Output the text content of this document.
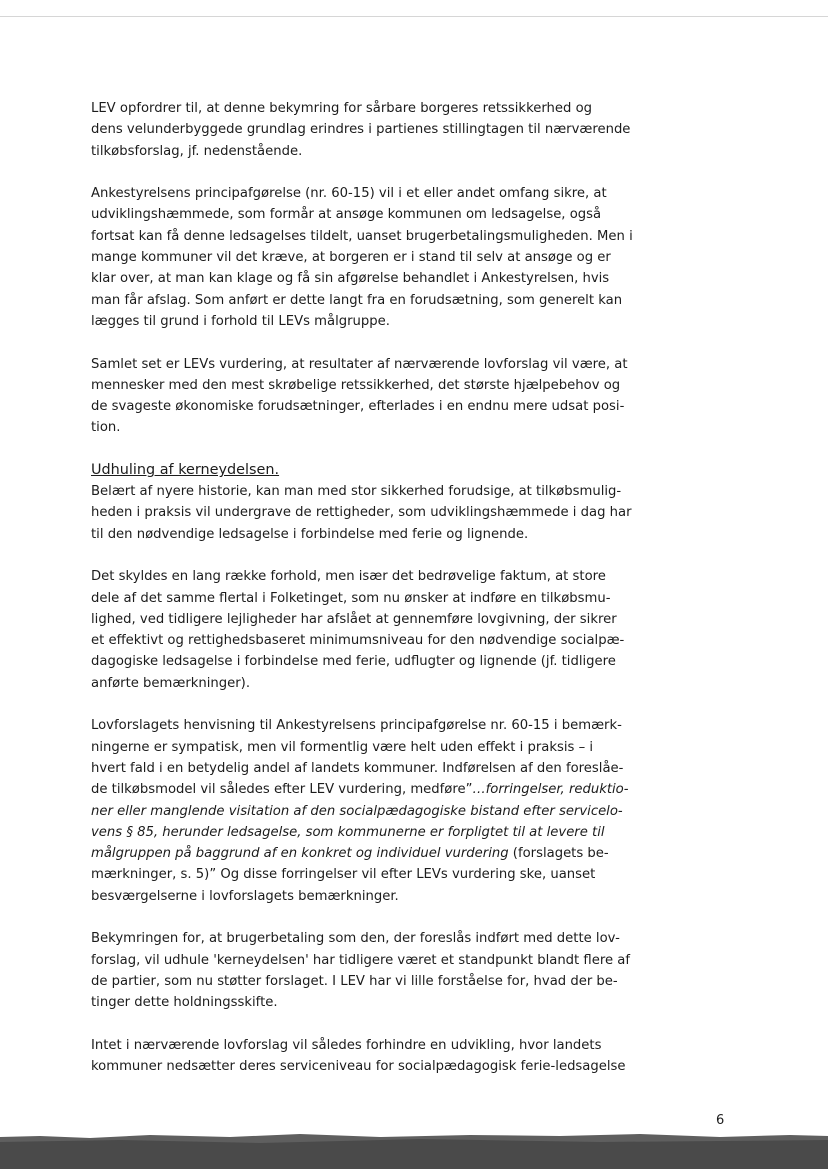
LEV opfordrer til, at denne bekymring for sårbare borgeres retssikkerhed og
dens velunderbyggede grundlag erindres i partienes stillingtagen til nærværende
tilkøbsforslag, jf. nedenstående.

Ankestyrelsens principafgørelse (nr. 60-15) vil i et eller andet omfang sikre, at
udviklingshæmmede, som formår at ansøge kommunen om ledsagelse, også
fortsat kan få denne ledsagelses tildelt, uanset brugerbetalingsmuligheden. Men i
mange kommuner vil det kræve, at borgeren er i stand til selv at ansøge og er
klar over, at man kan klage og få sin afgørelse behandlet i Ankestyrelsen, hvis
man får afslag. Som anført er dette langt fra en forudsætning, som generelt kan
lægges til grund i forhold til LEVs målgruppe.

Samlet set er LEVs vurdering, at resultater af nærværende lovforslag vil være, at
mennesker med den mest skrøbelige retssikkerhed, det største hjælpebehov og
de svageste økonomiske forudsætninger, efterlades i en endnu mere udsat posi-
tion.

Udhuling af kerneydelsen.

Belært af nyere historie, kan man med stor sikkerhed forudsige, at tilkøbsmulig-
heden i praksis vil undergrave de rettigheder, som udviklingshæmmede i dag har
til den nødvendige ledsagelse i forbindelse med ferie og lignende.

Det skyldes en lang række forhold, men især det bedrøvelige faktum, at store
dele af det samme flertal i Folketinget, som nu ønsker at indføre en tilkøbsmu-
lighed, ved tidligere lejligheder har afslået at gennemføre lovgivning, der sikrer
et effektivt og rettighedsbaseret minimumsniveau for den nødvendige socialpæ-
dagogiske ledsagelse i forbindelse med ferie, udflugter og lignende (jf. tidligere
anførte bemærkninger).

Lovforslagets henvisning til Ankestyrelsens principafgørelse nr. 60-15 i bemærk-
ningerne er sympatisk, men vil formentlig være helt uden effekt i praksis – i
hvert fald i en betydelig andel af landets kommuner. Indførelsen af den foreslåe-
de tilkøbsmodel vil således efter LEV vurdering, medføre”…forringelser, reduktio-
ner eller manglende visitation af den socialpædagogiske bistand efter servicelo-
vens § 85, herunder ledsagelse, som kommunerne er forpligtet til at levere til
målgruppen på baggrund af en konkret og individuel vurdering (forslagets be-
mærkninger, s. 5)” Og disse forringelser vil efter LEVs vurdering ske, uanset
besværgelserne i lovforslagets bemærkninger.

Bekymringen for, at brugerbetaling som den, der foreslås indført med dette lov-
forslag, vil udhule 'kerneydelsen' har tidligere været et standpunkt blandt flere af
de partier, som nu støtter forslaget. I LEV har vi lille forståelse for, hvad der be-
tinger dette holdningsskifte.

Intet i nærværende lovforslag vil således forhindre en udvikling, hvor landets
kommuner nedsætter deres serviceniveau for socialpædagogisk ferie-ledsagelse

6
